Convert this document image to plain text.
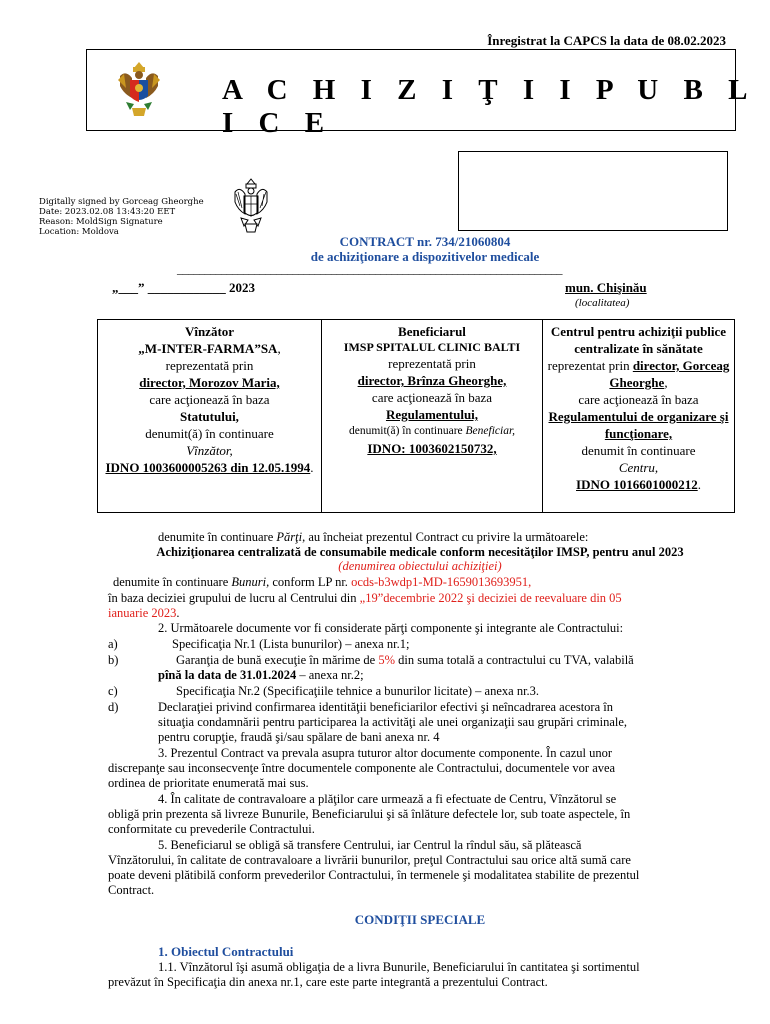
Înregistrat la CAPCS la data de 08.02.2023
A C H I Z I Ţ I I P U B L I C E
Digitally signed by Gorceag Gheorghe
Date: 2023.02.08 13:43:20 EET
Reason: MoldSign Signature
Location: Moldova
CONTRACT nr. 734/21060804
de achiziţionare a dispozitivelor medicale
______________________________________________________________________
„___” ____________ 2023	mun. Chişinău
(localitatea)
Vînzător
„M-INTER-FARMA”SA,
reprezentată prin
director, Morozov Maria,
care acţionează în baza
Statutului,
denumit(ă) în continuare
Vînzător,
IDNO 1003600005263 din 12.05.1994.
Beneficiarul
IMSP SPITALUL CLINIC BALTI
reprezentată prin
director, Brînza Gheorghe,
care acţionează în baza
Regulamentului,
denumit(ă) în continuare Beneficiar,
IDNO: 1003602150732,
Centrul pentru achiziţii publice centralizate în sănătate
reprezentat prin director, Gorceag Gheorghe,
care acţionează în baza
Regulamentului de organizare şi funcţionare,
denumit în continuare
Centru,
IDNO 1016601000212.
denumite în continuare Părţi, au încheiat prezentul Contract cu privire la următoarele:
Achiziţionarea centralizată de consumabile medicale conform necesităţilor IMSP, pentru anul 2023
(denumirea obiectului achiziţiei)
denumite în continuare Bunuri, conform LP nr. ocds-b3wdp1-MD-1659013693951,
în baza deciziei grupului de lucru al Centrului din „19”decembrie 2022 şi deciziei de reevaluare din 05
ianuarie 2023.
2. Următoarele documente vor fi considerate părţi componente şi integrante ale Contractului:
a)	Specificaţia Nr.1 (Lista bunurilor) – anexa nr.1;
b)	Garanţia de bună execuţie în mărime de 5% din suma totală a contractului cu TVA, valabilă
pînă la data de 31.01.2024 – anexa nr.2;
c)	Specificaţia Nr.2 (Specificaţiile tehnice a bunurilor licitate) – anexa nr.3.
d)	Declaraţiei privind confirmarea identităţii beneficiarilor efectivi şi neîncadrarea acestora în
situaţia condamnării pentru participarea la activităţi ale unei organizaţii sau grupări criminale,
pentru corupţie, fraudă şi/sau spălare de bani anexa nr. 4
3. Prezentul Contract va prevala asupra tuturor altor documente componente. În cazul unor
discrepanţe sau inconsecvenţe între documentele componente ale Contractului, documentele vor avea
ordinea de prioritate enumerată mai sus.
4. În calitate de contravaloare a plăţilor care urmează a fi efectuate de Centru, Vînzătorul se
obligă prin prezenta să livreze Bunurile, Beneficiarului şi să înlăture defectele lor, sub toate aspectele, în
conformitate cu prevederile Contractului.
5. Beneficiarul se obligă să transfere Centrului, iar Centrul la rîndul său, să plătească
Vînzătorului, în calitate de contravaloare a livrării bunurilor, preţul Contractului sau orice altă sumă care
poate deveni plătibilă conform prevederilor Contractului, în termenele şi modalitatea stabilite de prezentul
Contract.
CONDIŢII SPECIALE
1. Obiectul Contractului
1.1. Vînzătorul îşi asumă obligaţia de a livra Bunurile, Beneficiarului în cantitatea şi sortimentul
prevăzut în Specificaţia din anexa nr.1, care este parte integrantă a prezentului Contract.
